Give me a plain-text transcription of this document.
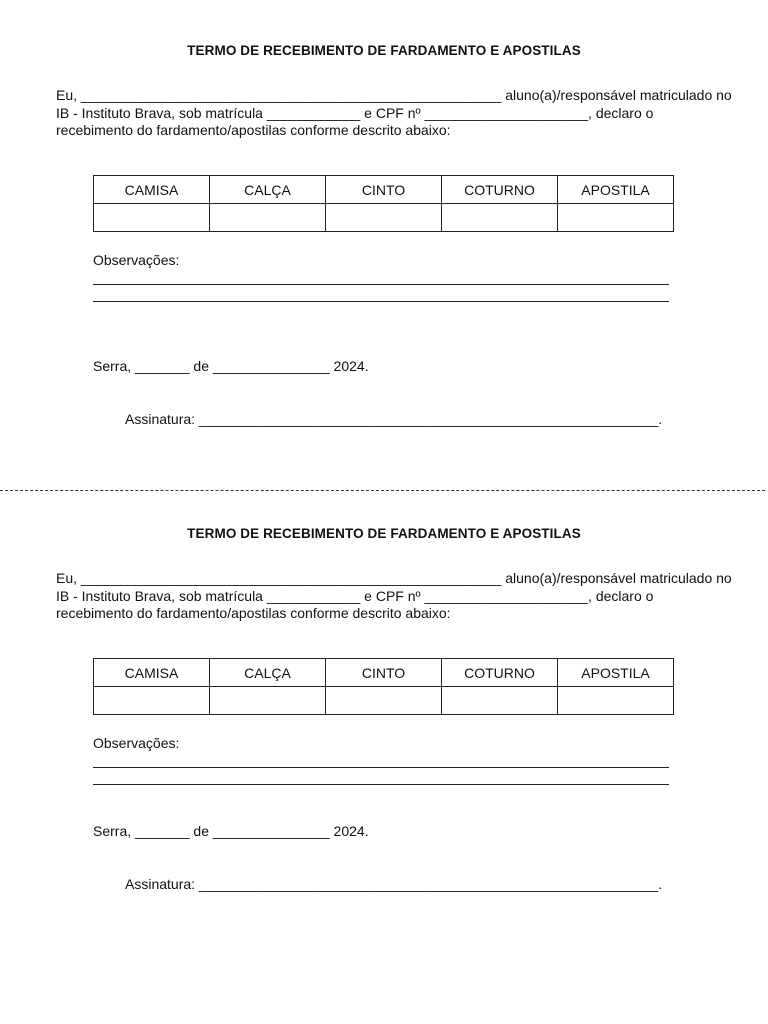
TERMO DE RECEBIMENTO DE FARDAMENTO E APOSTILAS
Eu, ______________________________________________________ aluno(a)/responsável matriculado no
IB - Instituto Brava, sob matrícula ____________ e CPF nº _____________________, declaro o
recebimento do fardamento/apostilas conforme descrito abaixo:
CAMISA	CALÇA	CINTO	COTURNO	APOSTILA

Observações:
Serra, _______ de _______________ 2024.
Assinatura: ___________________________________________________________.
TERMO DE RECEBIMENTO DE FARDAMENTO E APOSTILAS
Eu, ______________________________________________________ aluno(a)/responsável matriculado no
IB - Instituto Brava, sob matrícula ____________ e CPF nº _____________________, declaro o
recebimento do fardamento/apostilas conforme descrito abaixo:
CAMISA	CALÇA	CINTO	COTURNO	APOSTILA

Observações:
Serra, _______ de _______________ 2024.
Assinatura: ___________________________________________________________.
